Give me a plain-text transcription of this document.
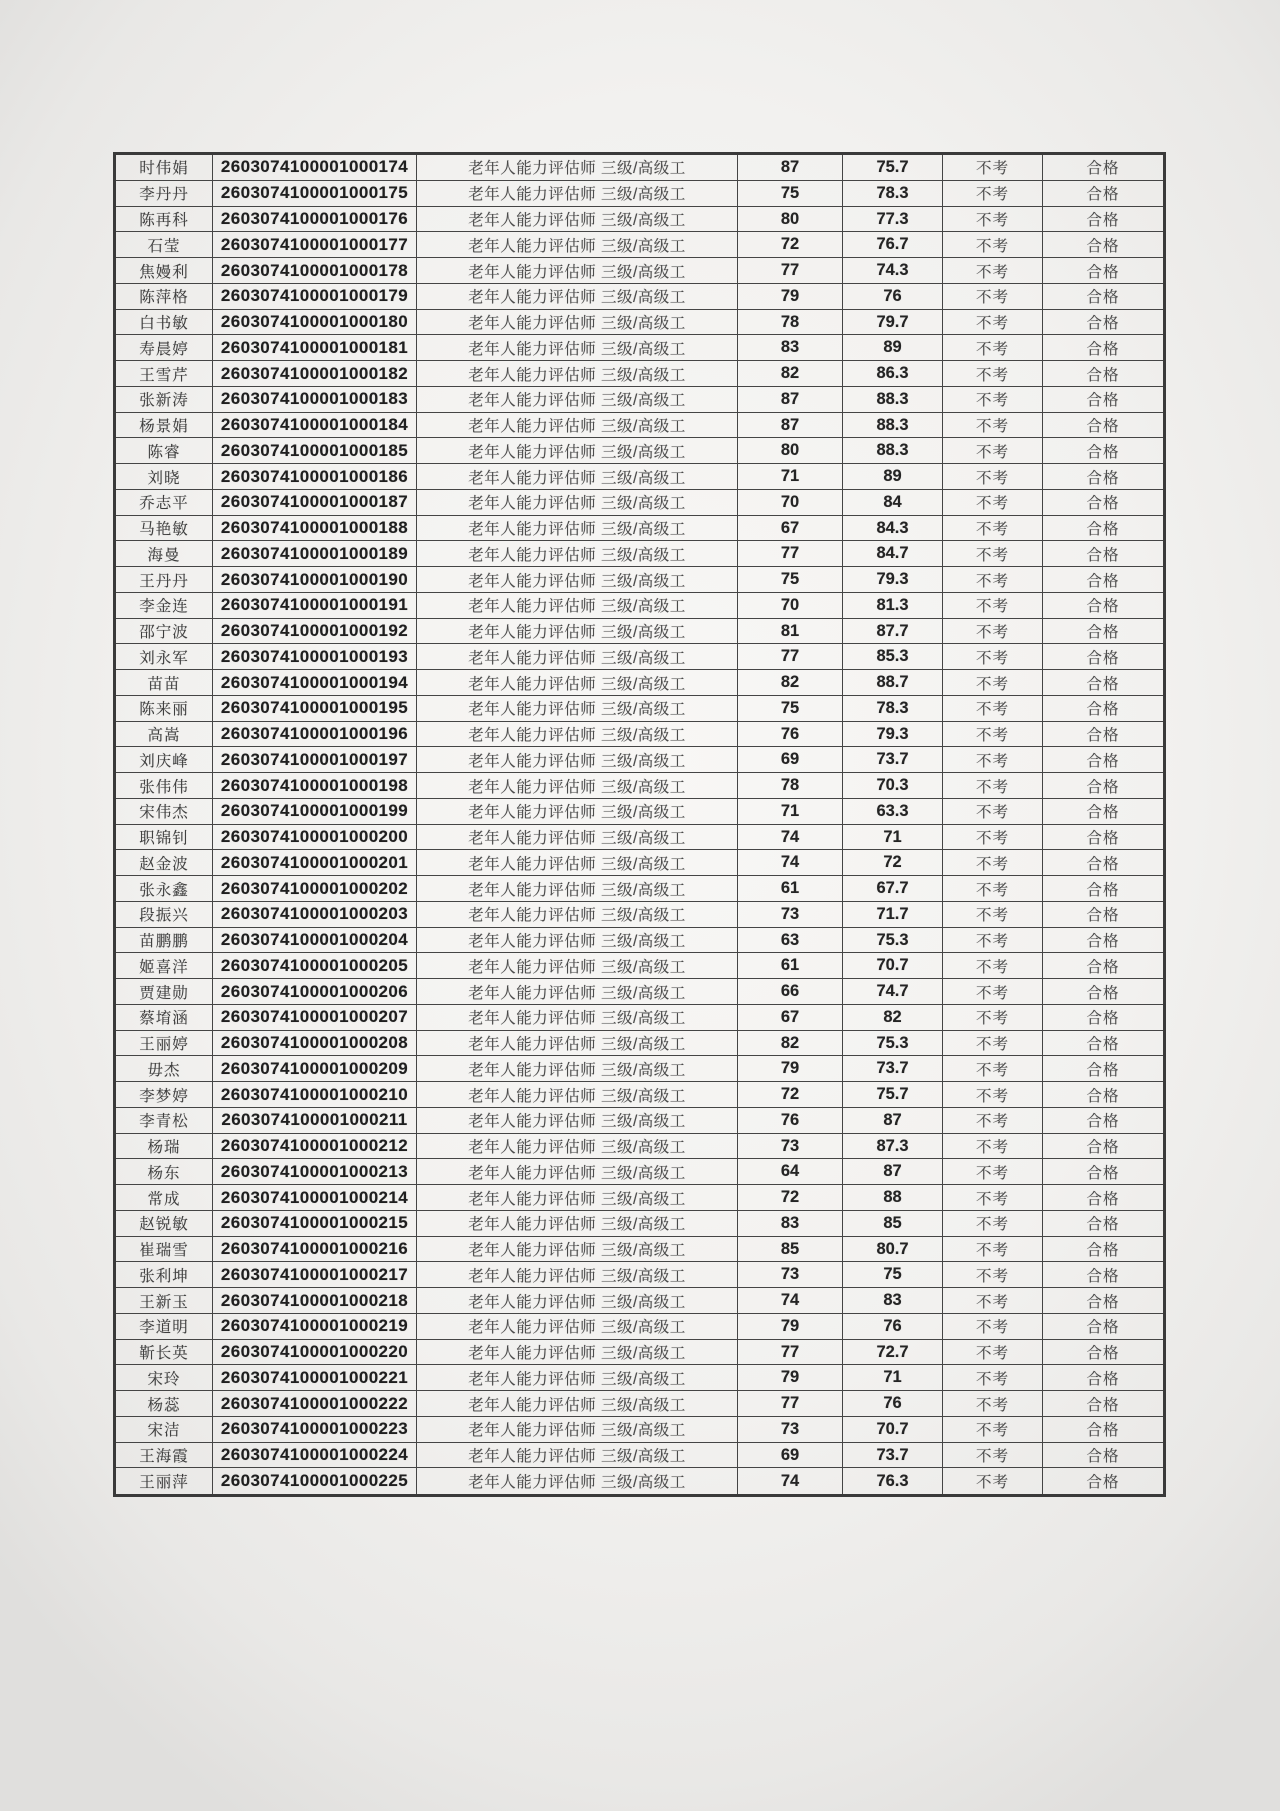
时伟娟	2603074100001000174	老年人能力评估师 三级/高级工	87	75.7	不考	合格
李丹丹	2603074100001000175	老年人能力评估师 三级/高级工	75	78.3	不考	合格
陈再科	2603074100001000176	老年人能力评估师 三级/高级工	80	77.3	不考	合格
石莹	2603074100001000177	老年人能力评估师 三级/高级工	72	76.7	不考	合格
焦嫚利	2603074100001000178	老年人能力评估师 三级/高级工	77	74.3	不考	合格
陈萍格	2603074100001000179	老年人能力评估师 三级/高级工	79	76	不考	合格
白书敏	2603074100001000180	老年人能力评估师 三级/高级工	78	79.7	不考	合格
寿晨婷	2603074100001000181	老年人能力评估师 三级/高级工	83	89	不考	合格
王雪芹	2603074100001000182	老年人能力评估师 三级/高级工	82	86.3	不考	合格
张新涛	2603074100001000183	老年人能力评估师 三级/高级工	87	88.3	不考	合格
杨景娟	2603074100001000184	老年人能力评估师 三级/高级工	87	88.3	不考	合格
陈睿	2603074100001000185	老年人能力评估师 三级/高级工	80	88.3	不考	合格
刘晓	2603074100001000186	老年人能力评估师 三级/高级工	71	89	不考	合格
乔志平	2603074100001000187	老年人能力评估师 三级/高级工	70	84	不考	合格
马艳敏	2603074100001000188	老年人能力评估师 三级/高级工	67	84.3	不考	合格
海曼	2603074100001000189	老年人能力评估师 三级/高级工	77	84.7	不考	合格
王丹丹	2603074100001000190	老年人能力评估师 三级/高级工	75	79.3	不考	合格
李金连	2603074100001000191	老年人能力评估师 三级/高级工	70	81.3	不考	合格
邵宁波	2603074100001000192	老年人能力评估师 三级/高级工	81	87.7	不考	合格
刘永军	2603074100001000193	老年人能力评估师 三级/高级工	77	85.3	不考	合格
苗苗	2603074100001000194	老年人能力评估师 三级/高级工	82	88.7	不考	合格
陈来丽	2603074100001000195	老年人能力评估师 三级/高级工	75	78.3	不考	合格
高嵩	2603074100001000196	老年人能力评估师 三级/高级工	76	79.3	不考	合格
刘庆峰	2603074100001000197	老年人能力评估师 三级/高级工	69	73.7	不考	合格
张伟伟	2603074100001000198	老年人能力评估师 三级/高级工	78	70.3	不考	合格
宋伟杰	2603074100001000199	老年人能力评估师 三级/高级工	71	63.3	不考	合格
职锦钊	2603074100001000200	老年人能力评估师 三级/高级工	74	71	不考	合格
赵金波	2603074100001000201	老年人能力评估师 三级/高级工	74	72	不考	合格
张永鑫	2603074100001000202	老年人能力评估师 三级/高级工	61	67.7	不考	合格
段振兴	2603074100001000203	老年人能力评估师 三级/高级工	73	71.7	不考	合格
苗鹏鹏	2603074100001000204	老年人能力评估师 三级/高级工	63	75.3	不考	合格
姬喜洋	2603074100001000205	老年人能力评估师 三级/高级工	61	70.7	不考	合格
贾建勋	2603074100001000206	老年人能力评估师 三级/高级工	66	74.7	不考	合格
蔡堉涵	2603074100001000207	老年人能力评估师 三级/高级工	67	82	不考	合格
王丽婷	2603074100001000208	老年人能力评估师 三级/高级工	82	75.3	不考	合格
毋杰	2603074100001000209	老年人能力评估师 三级/高级工	79	73.7	不考	合格
李梦婷	2603074100001000210	老年人能力评估师 三级/高级工	72	75.7	不考	合格
李青松	2603074100001000211	老年人能力评估师 三级/高级工	76	87	不考	合格
杨瑞	2603074100001000212	老年人能力评估师 三级/高级工	73	87.3	不考	合格
杨东	2603074100001000213	老年人能力评估师 三级/高级工	64	87	不考	合格
常成	2603074100001000214	老年人能力评估师 三级/高级工	72	88	不考	合格
赵锐敏	2603074100001000215	老年人能力评估师 三级/高级工	83	85	不考	合格
崔瑞雪	2603074100001000216	老年人能力评估师 三级/高级工	85	80.7	不考	合格
张利坤	2603074100001000217	老年人能力评估师 三级/高级工	73	75	不考	合格
王新玉	2603074100001000218	老年人能力评估师 三级/高级工	74	83	不考	合格
李道明	2603074100001000219	老年人能力评估师 三级/高级工	79	76	不考	合格
靳长英	2603074100001000220	老年人能力评估师 三级/高级工	77	72.7	不考	合格
宋玲	2603074100001000221	老年人能力评估师 三级/高级工	79	71	不考	合格
杨蕊	2603074100001000222	老年人能力评估师 三级/高级工	77	76	不考	合格
宋洁	2603074100001000223	老年人能力评估师 三级/高级工	73	70.7	不考	合格
王海霞	2603074100001000224	老年人能力评估师 三级/高级工	69	73.7	不考	合格
王丽萍	2603074100001000225	老年人能力评估师 三级/高级工	74	76.3	不考	合格
